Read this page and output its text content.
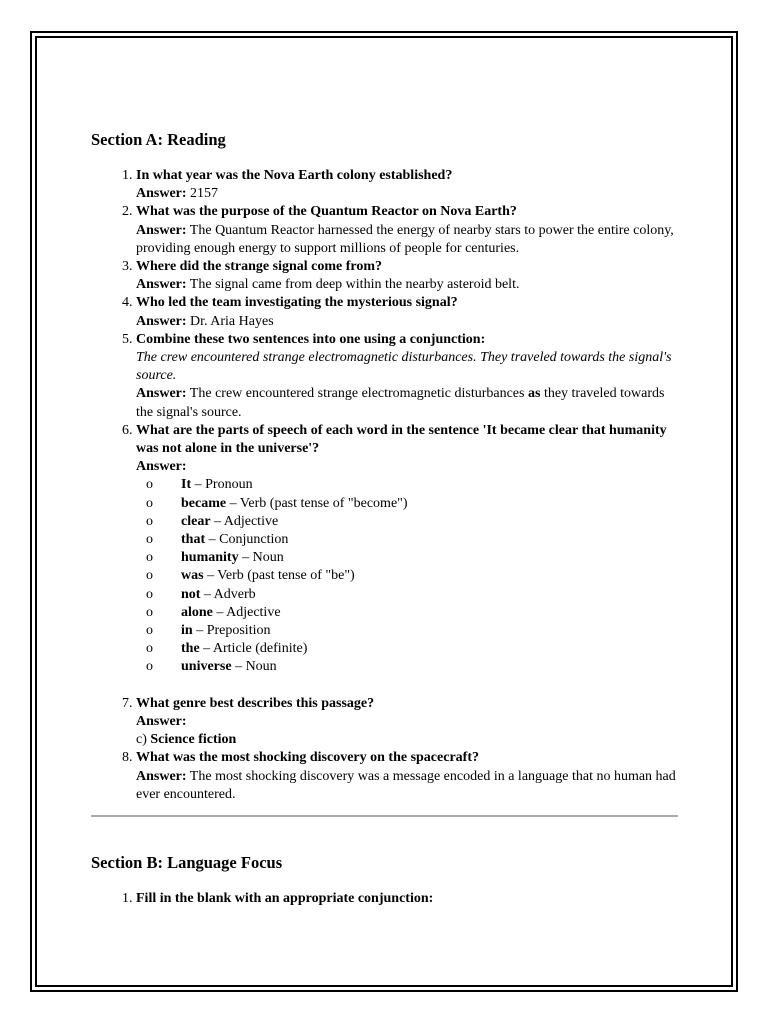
Section A: Reading
1. In what year was the Nova Earth colony established?
Answer: 2157
2. What was the purpose of the Quantum Reactor on Nova Earth?
Answer: The Quantum Reactor harnessed the energy of nearby stars to power the entire colony, providing enough energy to support millions of people for centuries.
3. Where did the strange signal come from?
Answer: The signal came from deep within the nearby asteroid belt.
4. Who led the team investigating the mysterious signal?
Answer: Dr. Aria Hayes
5. Combine these two sentences into one using a conjunction:
The crew encountered strange electromagnetic disturbances. They traveled towards the signal's source.
Answer: The crew encountered strange electromagnetic disturbances as they traveled towards the signal's source.
6. What are the parts of speech of each word in the sentence 'It became clear that humanity was not alone in the universe'?
Answer:
o It – Pronoun
o became – Verb (past tense of "become")
o clear – Adjective
o that – Conjunction
o humanity – Noun
o was – Verb (past tense of "be")
o not – Adverb
o alone – Adjective
o in – Preposition
o the – Article (definite)
o universe – Noun
7. What genre best describes this passage?
Answer:
c) Science fiction
8. What was the most shocking discovery on the spacecraft?
Answer: The most shocking discovery was a message encoded in a language that no human had ever encountered.
Section B: Language Focus
1. Fill in the blank with an appropriate conjunction:
